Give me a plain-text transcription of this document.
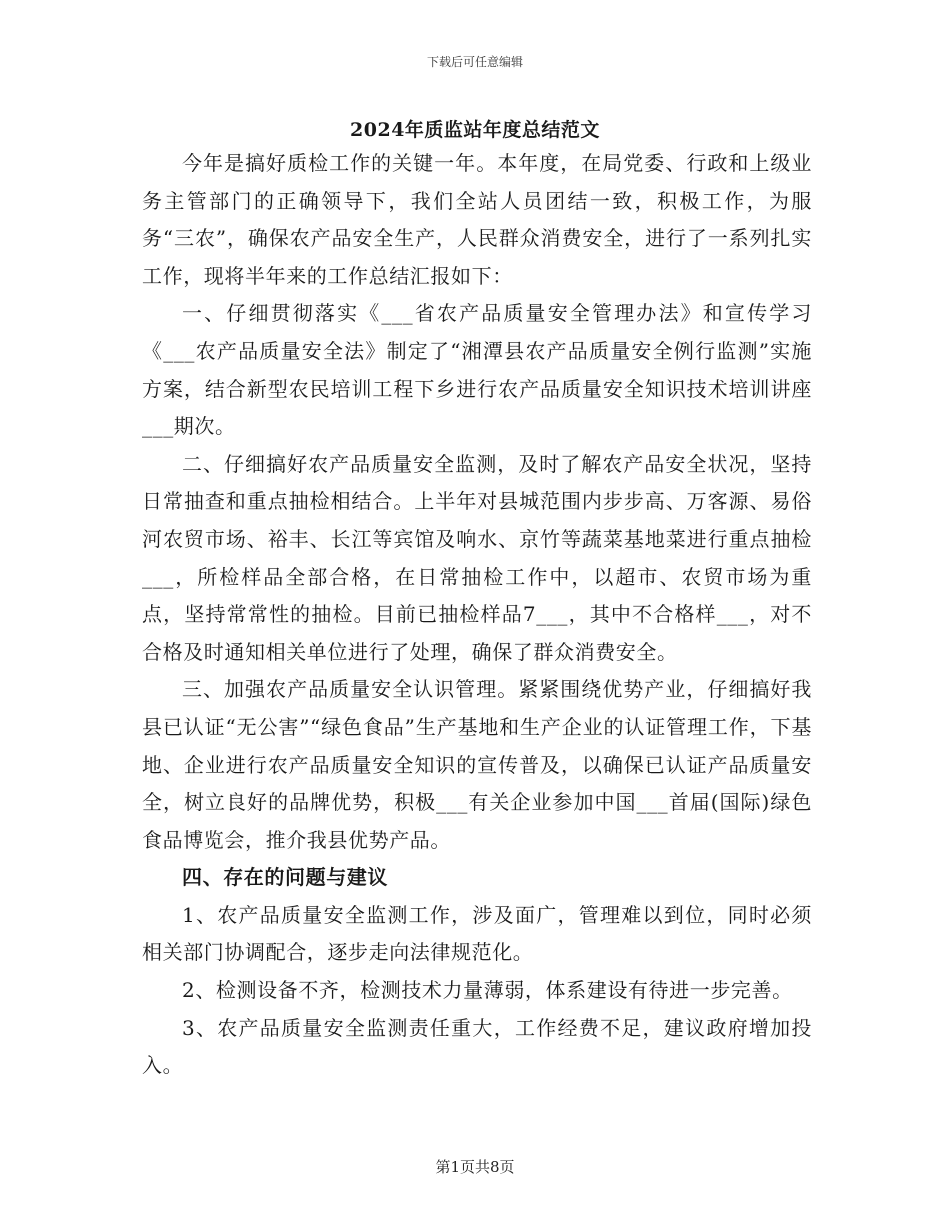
下载后可任意编辑
2024年质监站年度总结范文

今年是搞好质检工作的关键一年。本年度，在局党委、行政和上级业务主管部门的正确领导下，我们全站人员团结一致，积极工作，为服务“三农”，确保农产品安全生产，人民群众消费安全，进行了一系列扎实工作，现将半年来的工作总结汇报如下：

一、仔细贯彻落实《___省农产品质量安全管理办法》和宣传学习《___农产品质量安全法》制定了“湘潭县农产品质量安全例行监测”实施方案，结合新型农民培训工程下乡进行农产品质量安全知识技术培训讲座___期次。

二、仔细搞好农产品质量安全监测，及时了解农产品安全状况，坚持日常抽查和重点抽检相结合。上半年对县城范围内步步高、万客源、易俗河农贸市场、裕丰、长江等宾馆及响水、京竹等蔬菜基地菜进行重点抽检___，所检样品全部合格，在日常抽检工作中，以超市、农贸市场为重点，坚持常常性的抽检。目前已抽检样品7___，其中不合格样___，对不合格及时通知相关单位进行了处理，确保了群众消费安全。

三、加强农产品质量安全认识管理。紧紧围绕优势产业，仔细搞好我县已认证“无公害”“绿色食品”生产基地和生产企业的认证管理工作，下基地、企业进行农产品质量安全知识的宣传普及，以确保已认证产品质量安全，树立良好的品牌优势，积极___有关企业参加中国___首届(国际)绿色食品博览会，推介我县优势产品。

四、存在的问题与建议

1、农产品质量安全监测工作，涉及面广，管理难以到位，同时必须相关部门协调配合，逐步走向法律规范化。

2、检测设备不齐，检测技术力量薄弱，体系建设有待进一步完善。

3、农产品质量安全监测责任重大，工作经费不足，建议政府增加投入。

第1页共8页
